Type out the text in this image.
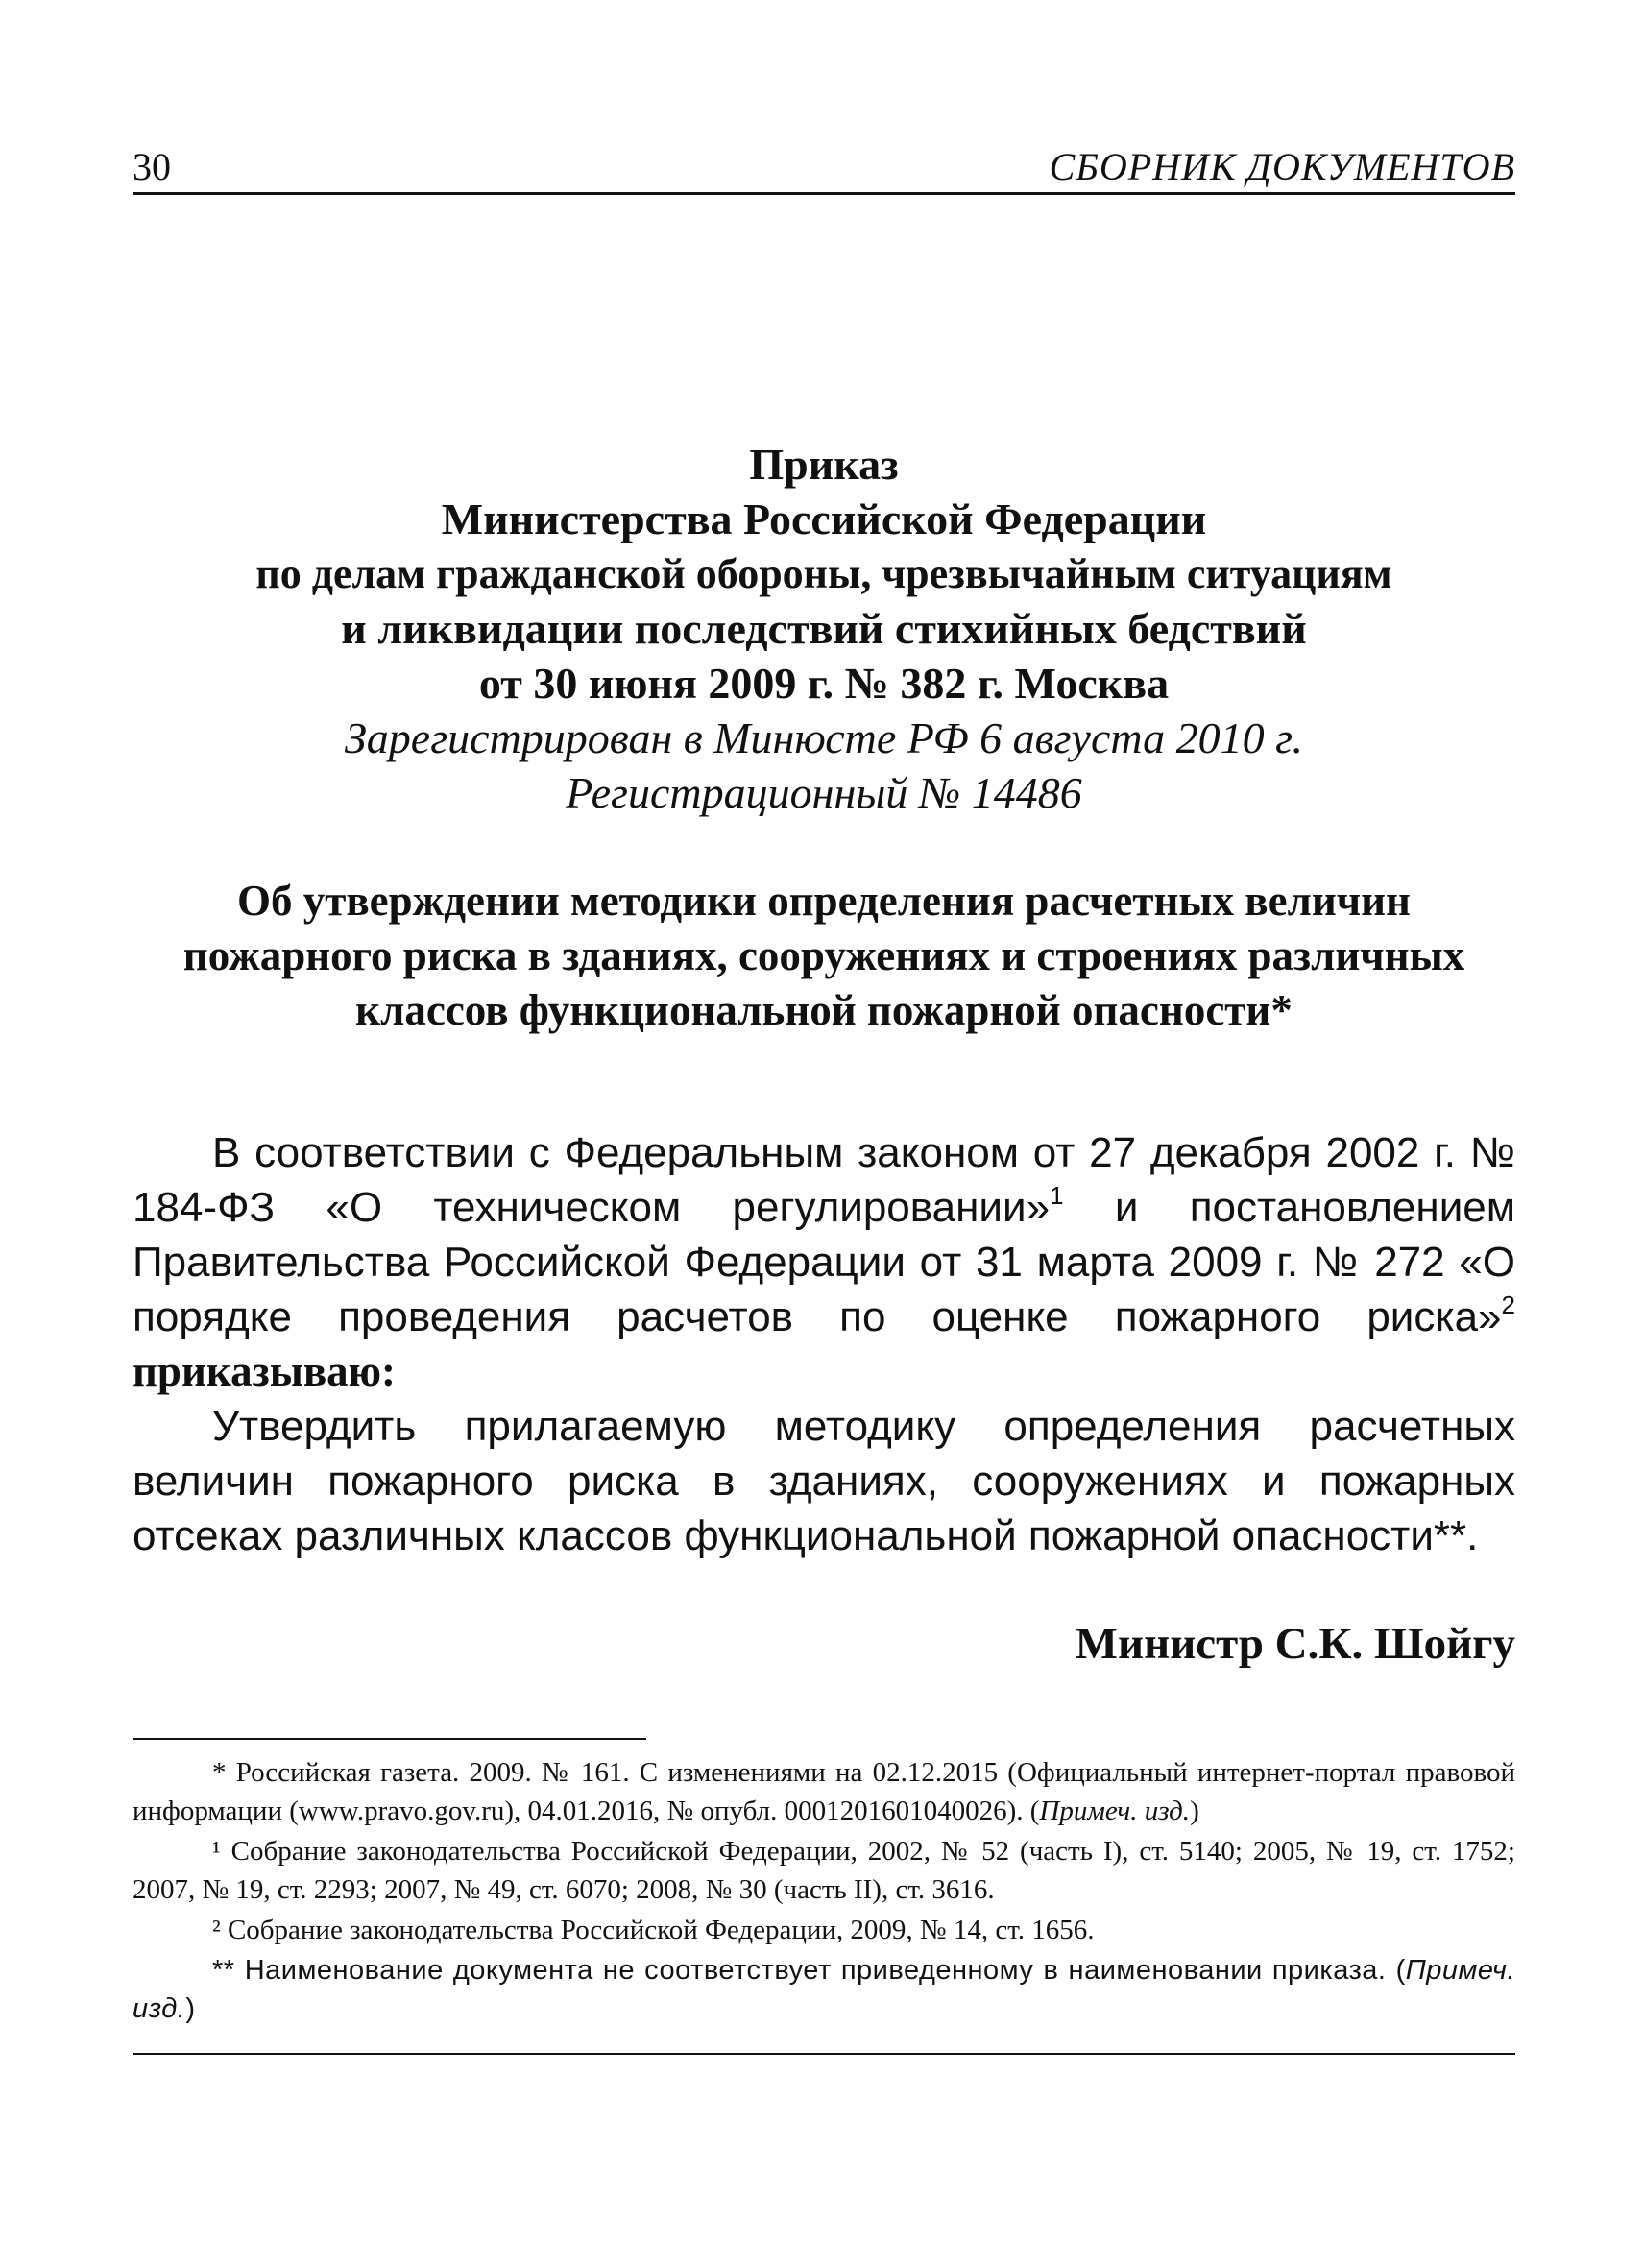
30	СБОРНИК ДОКУМЕНТОВ
Приказ
Министерства Российской Федерации
по делам гражданской обороны, чрезвычайным ситуациям
и ликвидации последствий стихийных бедствий
от 30 июня 2009 г. № 382 г. Москва
Зарегистрирован в Минюсте РФ 6 августа 2010 г.
Регистрационный № 14486
Об утверждении методики определения расчетных величин
пожарного риска в зданиях, сооружениях и строениях различных
классов функциональной пожарной опасности*

В соответствии с Федеральным законом от 27 декабря 2002 г. № 184-ФЗ «О техническом регулировании»$^1$ и постановлением Правительства Российской Федерации от 31 марта 2009 г. № 272 «О порядке проведения расчетов по оценке пожарного риска»$^2$ приказываю:

Утвердить прилагаемую методику определения расчетных величин пожарного риска в зданиях, сооружениях и пожарных отсеках различных классов функциональной пожарной опасности**.

Министр С.К. Шойгу

* Российская газета. 2009. № 161. С изменениями на 02.12.2015 (Официальный интернет-портал правовой информации (www.pravo.gov.ru), 04.01.2016, № опубл. 0001201601040026). (Примеч. изд.)

¹ Собрание законодательства Российской Федерации, 2002, № 52 (часть I), ст. 5140; 2005, № 19, ст. 1752; 2007, № 19, ст. 2293; 2007, № 49, ст. 6070; 2008, № 30 (часть II), ст. 3616.

² Собрание законодательства Российской Федерации, 2009, № 14, ст. 1656.

** Наименование документа не соответствует приведенному в наименовании приказа. (Примеч. изд.)
